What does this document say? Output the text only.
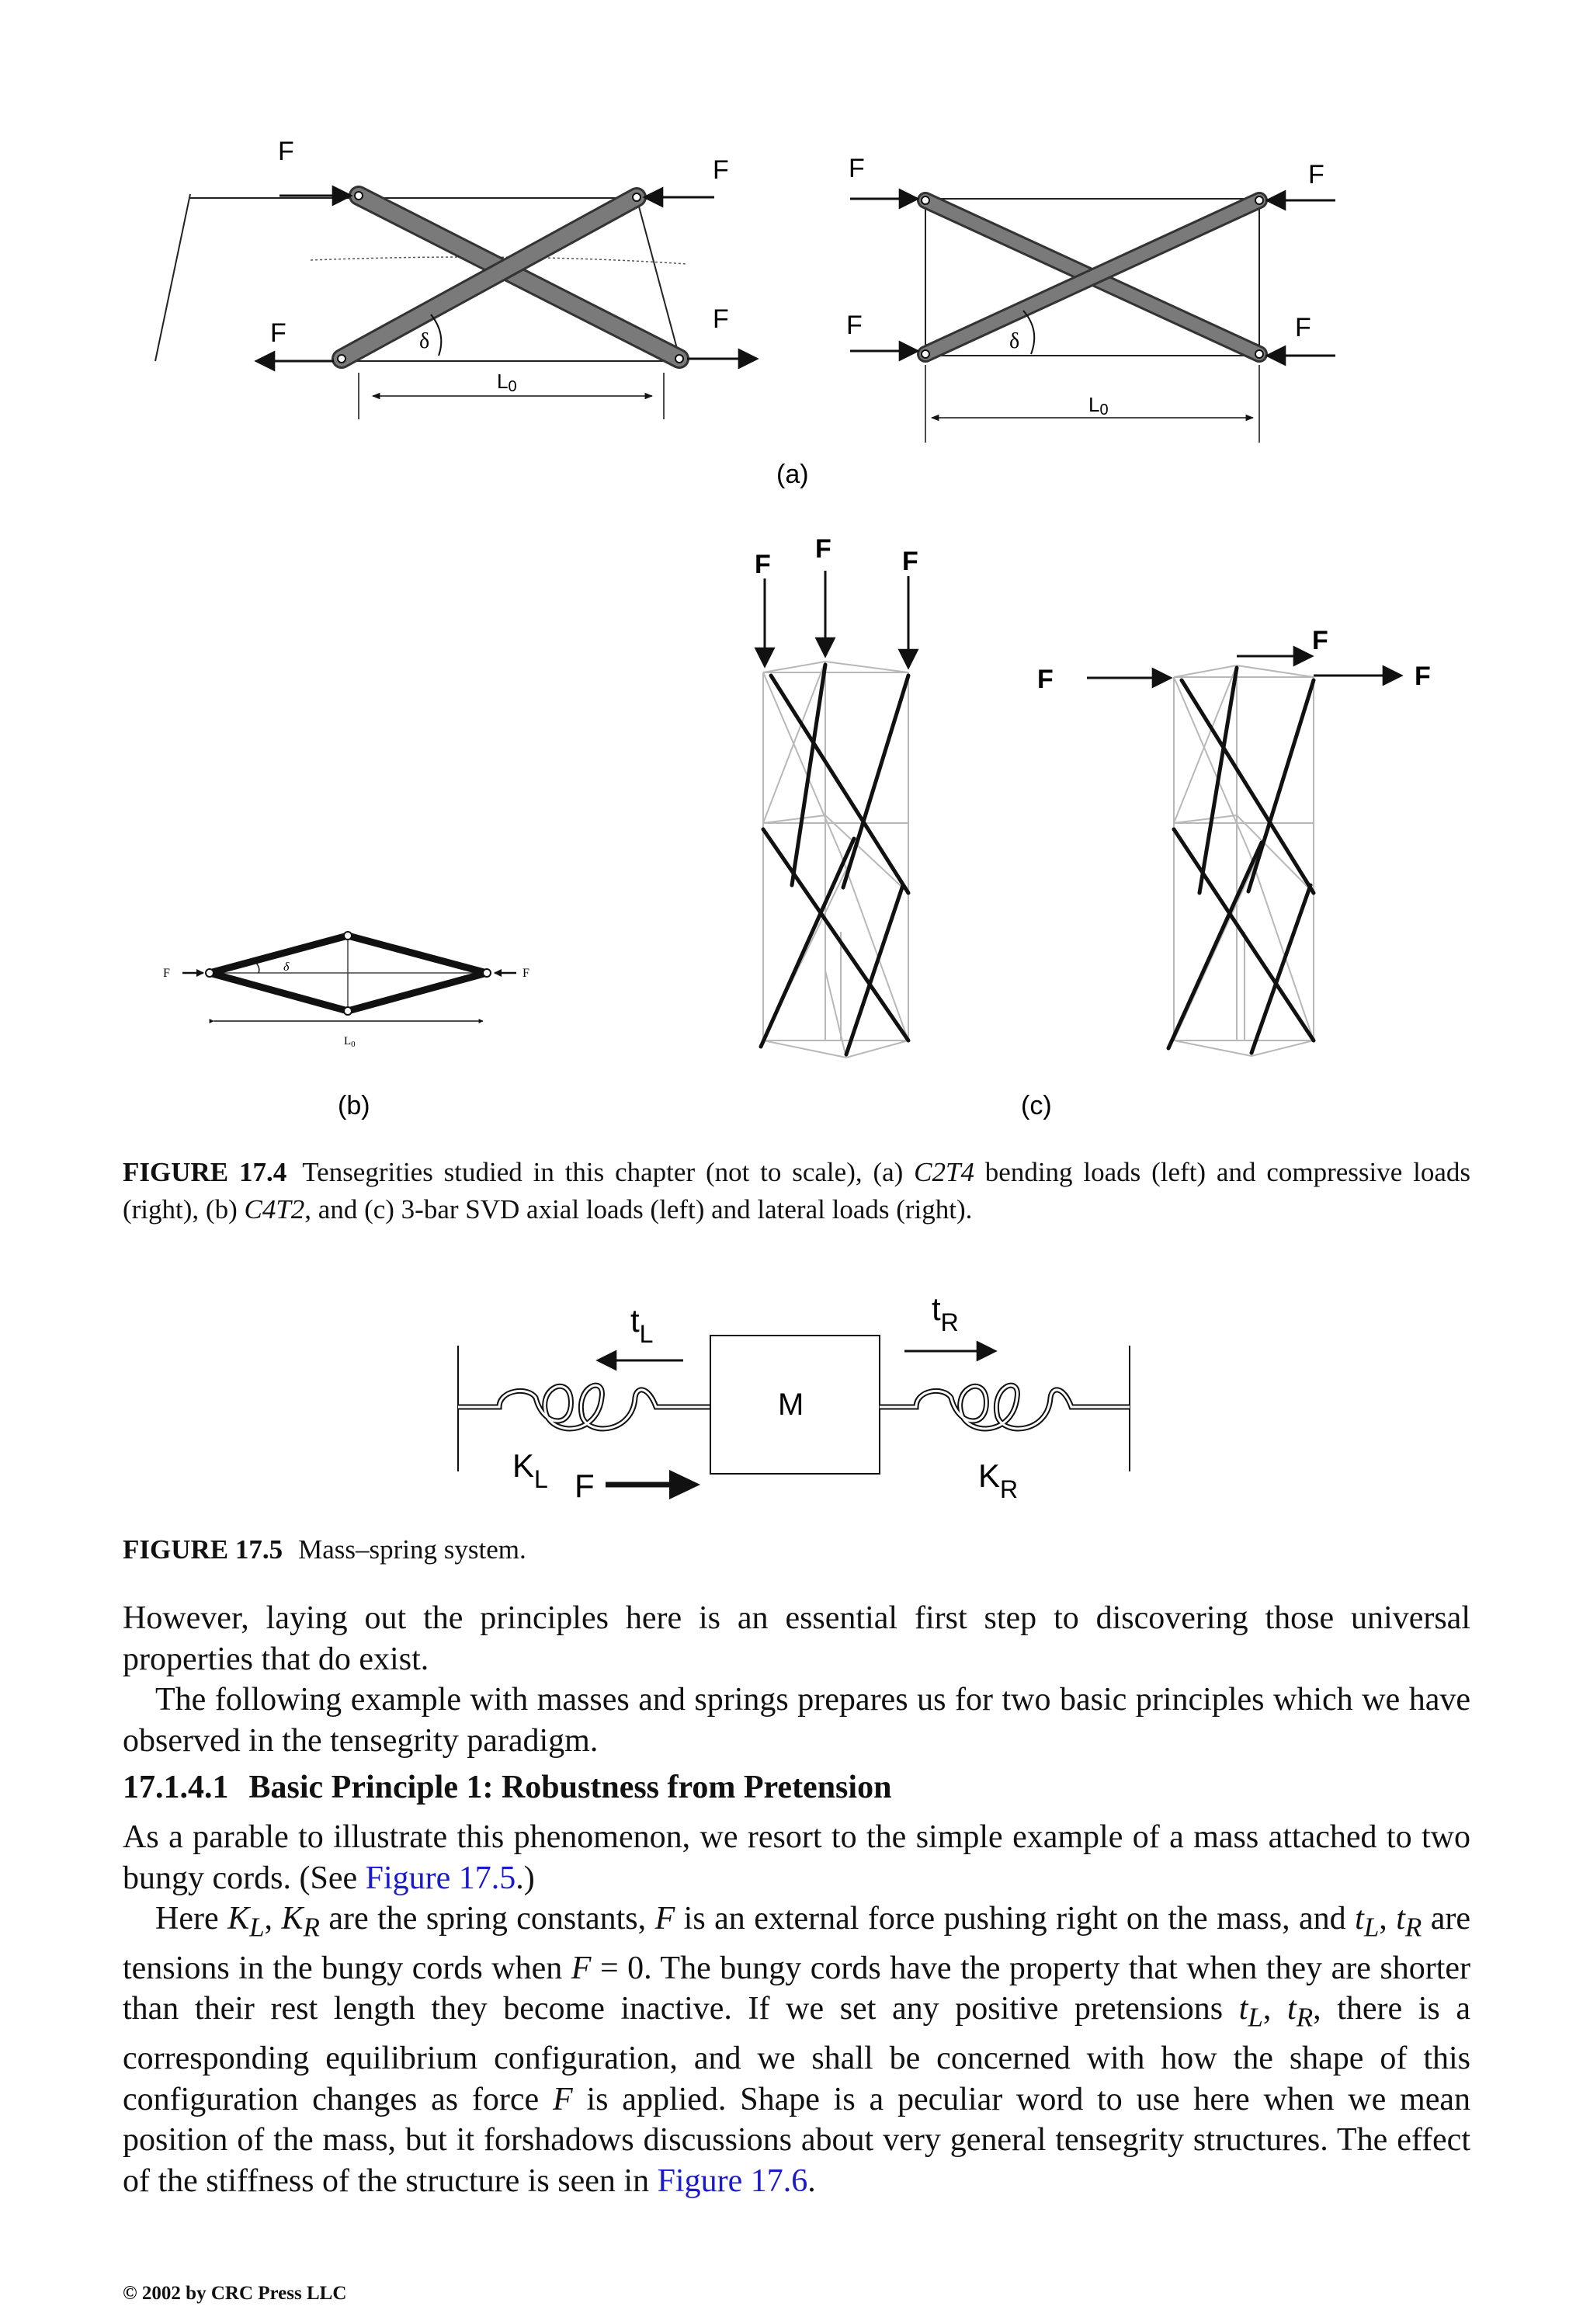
F
F
F	F
δ
L0
F	F
F	F
δ
L0
(a)
F	F
δ
$L_0$
(b)
F
F	F
F
F
F
(c)
M
$t_L$
$t_R$
$K_L$	$K_R$
F
FIGURE 17.4 Tensegrities studied in this chapter (not to scale), (a) C2T4 bending loads (left) and compressive loads (right), (b) C4T2, and (c) 3-bar SVD axial loads (left) and lateral loads (right).
FIGURE 17.5 Mass–spring system.

However, laying out the principles here is an essential first step to discovering those universal properties that do exist.

The following example with masses and springs prepares us for two basic principles which we have observed in the tensegrity paradigm.

17.1.4.1 Basic Principle 1: Robustness from Pretension

As a parable to illustrate this phenomenon, we resort to the simple example of a mass attached to two bungy cords. (See Figure 17.5.)

Here $K_L$, $K_R$ are the spring constants, F is an external force pushing right on the mass, and $t_L$, $t_R$ are tensions in the bungy cords when F = 0. The bungy cords have the property that when they are shorter than their rest length they become inactive. If we set any positive pretensions $t_L$, $t_R$, there is a corresponding equilibrium configuration, and we shall be concerned with how the shape of this configuration changes as force F is applied. Shape is a peculiar word to use here when we mean position of the mass, but it forshadows discussions about very general tensegrity structures. The effect of the stiffness of the structure is seen in Figure 17.6.

© 2002 by CRC Press LLC
